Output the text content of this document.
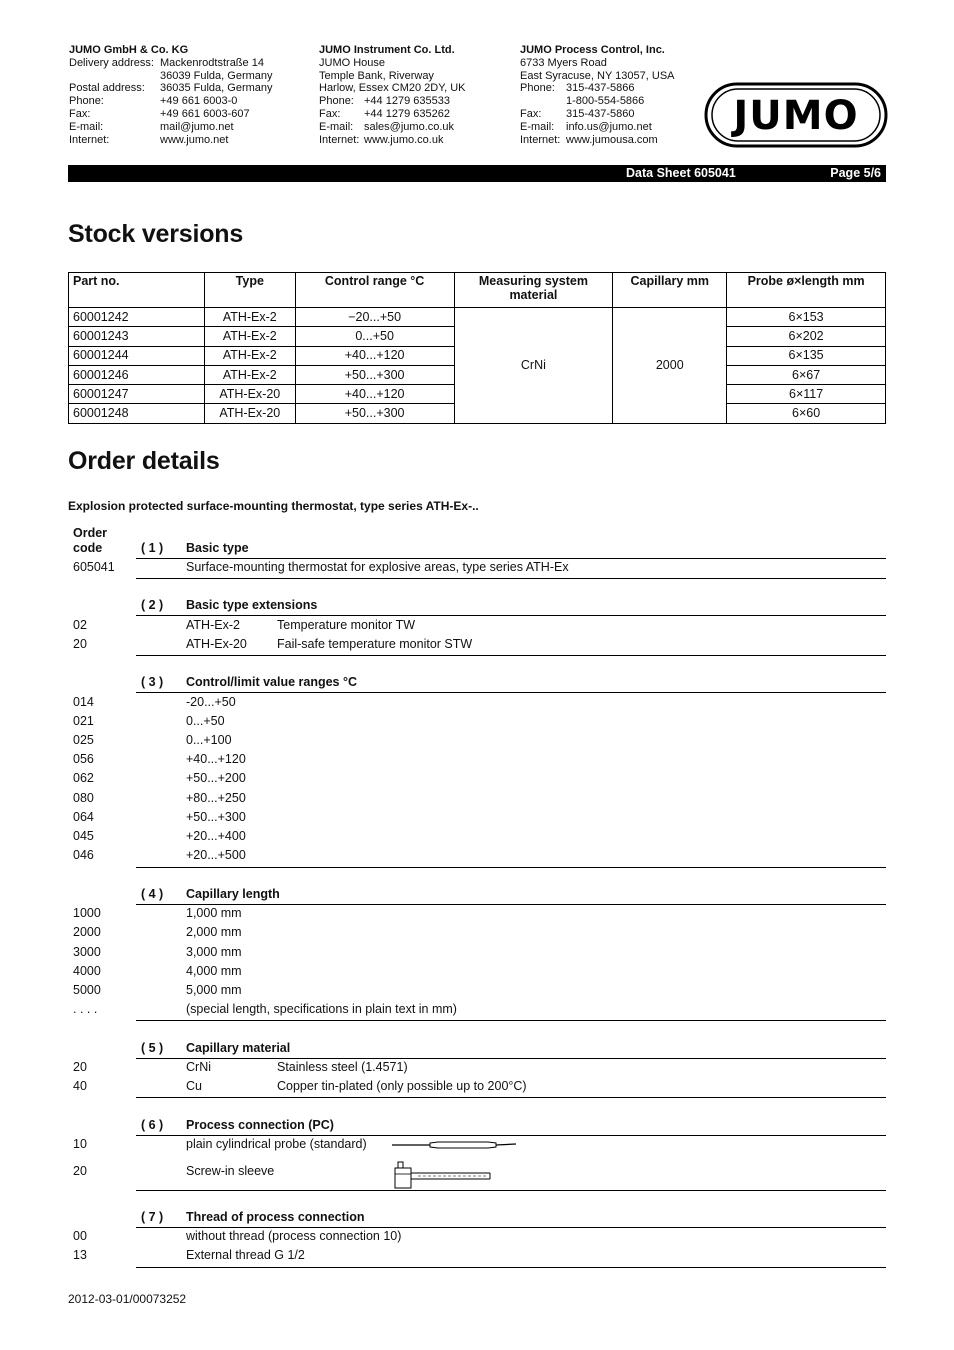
JUMO GmbH & Co. KG
Delivery address: Mackenrodtstraße 14
36039 Fulda, Germany
Postal address:	36035 Fulda, Germany
Phone:	+49 661 6003-0
Fax:	+49 661 6003-607
E-mail:	mail@jumo.net
Internet:	www.jumo.net
JUMO Instrument Co. Ltd.
JUMO House
Temple Bank, Riverway
Harlow, Essex CM20 2DY, UK
Phone: +44 1279 635533
Fax:	+44 1279 635262
E-mail: sales@jumo.co.uk
Internet: www.jumo.co.uk
JUMO Process Control, Inc.
6733 Myers Road
East Syracuse, NY 13057, USA
Phone:	315-437-5866
1-800-554-5866
Fax:	315-437-5860
E-mail:	info.us@jumo.net
Internet: www.jumousa.com
JUMO
Data Sheet 605041	Page 5/6
Stock versions
Part no.	Type	Control range °C	Measuring system material	Capillary mm	Probe ø×length mm
60001242	ATH-Ex-2	−20...+50	CrNi	2000	6×153
60001243	ATH-Ex-2	0...+50			6×202
60001244	ATH-Ex-2	+40...+120			6×135
60001246	ATH-Ex-2	+50...+300			6×67
60001247	ATH-Ex-20	+40...+120			6×117
60001248	ATH-Ex-20	+50...+300			6×60
Order details
Explosion protected surface-mounting thermostat, type series ATH-Ex-..
Order
code	( 1 ) Basic type
605041	Surface-mounting thermostat for explosive areas, type series ATH-Ex
( 2 ) Basic type extensions
02	ATH-Ex-2	Temperature monitor TW
20	ATH-Ex-20 Fail-safe temperature monitor STW
( 3 ) Control/limit value ranges °C
014	-20...+50
021	0...+50
025	0...+100
056	+40...+120
062	+50...+200
080	+80...+250
064	+50...+300
045	+20...+400
046	+20...+500
( 4 ) Capillary length
1000	1,000 mm
2000	2,000 mm
3000	3,000 mm
4000	4,000 mm
5000	5,000 mm
. . . .	(special length, specifications in plain text in mm)
( 5 ) Capillary material
20	CrNi	Stainless steel (1.4571)
40	Cu	Copper tin-plated (only possible up to 200°C)
( 6 ) Process connection (PC)
10	plain cylindrical probe (standard)
20	Screw-in sleeve
( 7 ) Thread of process connection
00	without thread (process connection 10)
13	External thread G 1/2
2012-03-01/00073252
